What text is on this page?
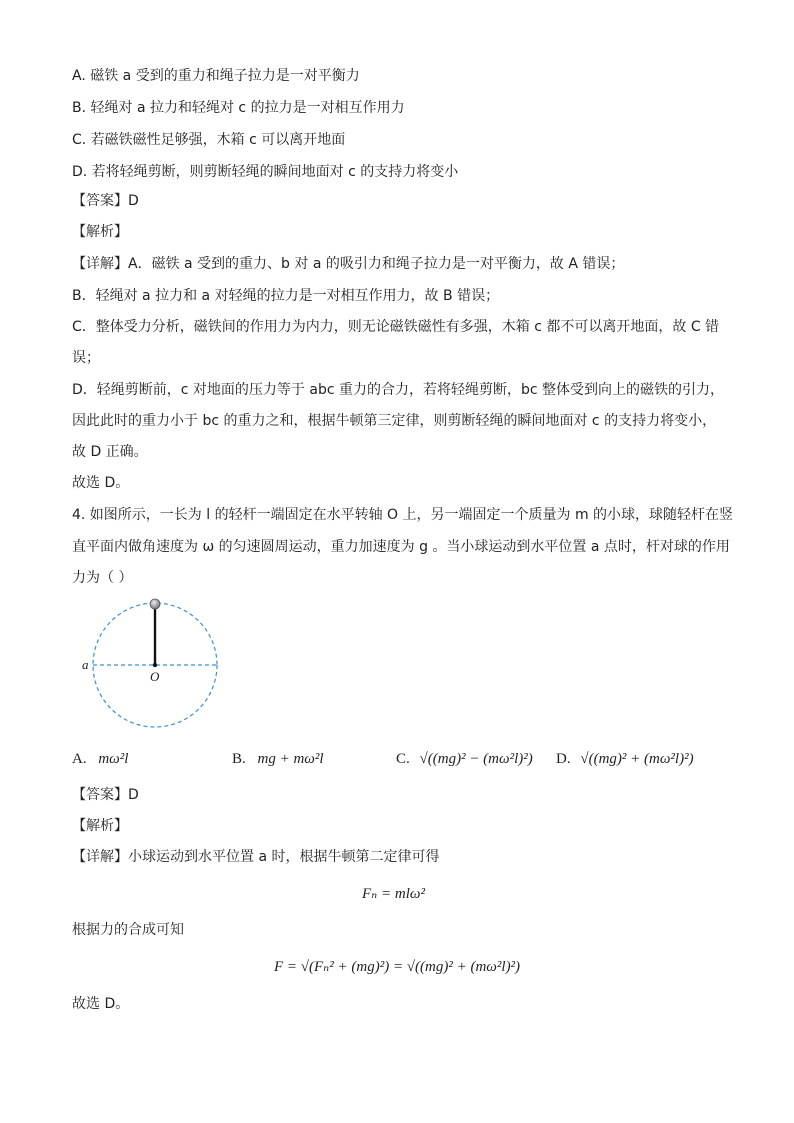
A. 磁铁 a 受到的重力和绳子拉力是一对平衡力
B. 轻绳对 a 拉力和轻绳对 c 的拉力是一对相互作用力
C. 若磁铁磁性足够强，木箱 c 可以离开地面
D. 若将轻绳剪断，则剪断轻绳的瞬间地面对 c 的支持力将变小
【答案】D
【解析】
【详解】A．磁铁 a 受到的重力、b 对 a 的吸引力和绳子拉力是一对平衡力，故 A 错误；
B．轻绳对 a 拉力和 a 对轻绳的拉力是一对相互作用力，故 B 错误；
C．整体受力分析，磁铁间的作用力为内力，则无论磁铁磁性有多强，木箱 c 都不可以离开地面，故 C 错
误；
D．轻绳剪断前，c 对地面的压力等于 abc 重力的合力，若将轻绳剪断，bc 整体受到向上的磁铁的引力，
因此此时的重力小于 bc 的重力之和，根据牛顿第三定律，则剪断轻绳的瞬间地面对 c 的支持力将变小，
故 D 正确。
故选 D。
4. 如图所示，一长为 l 的轻杆一端固定在水平转轴 O 上，另一端固定一个质量为 m 的小球，球随轻杆在竖
直平面内做角速度为 ω 的匀速圆周运动，重力加速度为 g 。当小球运动到水平位置 a 点时，杆对球的作用
力为（ ）
a
O
A. mω²l	B. mg + mω²l	C. √((mg)² − (mω²l)²) D. √((mg)² + (mω²l)²)
【答案】D
【解析】
【详解】小球运动到水平位置 a 时，根据牛顿第二定律可得
Fₙ = mlω²
根据力的合成可知
F = √(Fₙ² + (mg)²) = √((mg)² + (mω²l)²)
故选 D。
